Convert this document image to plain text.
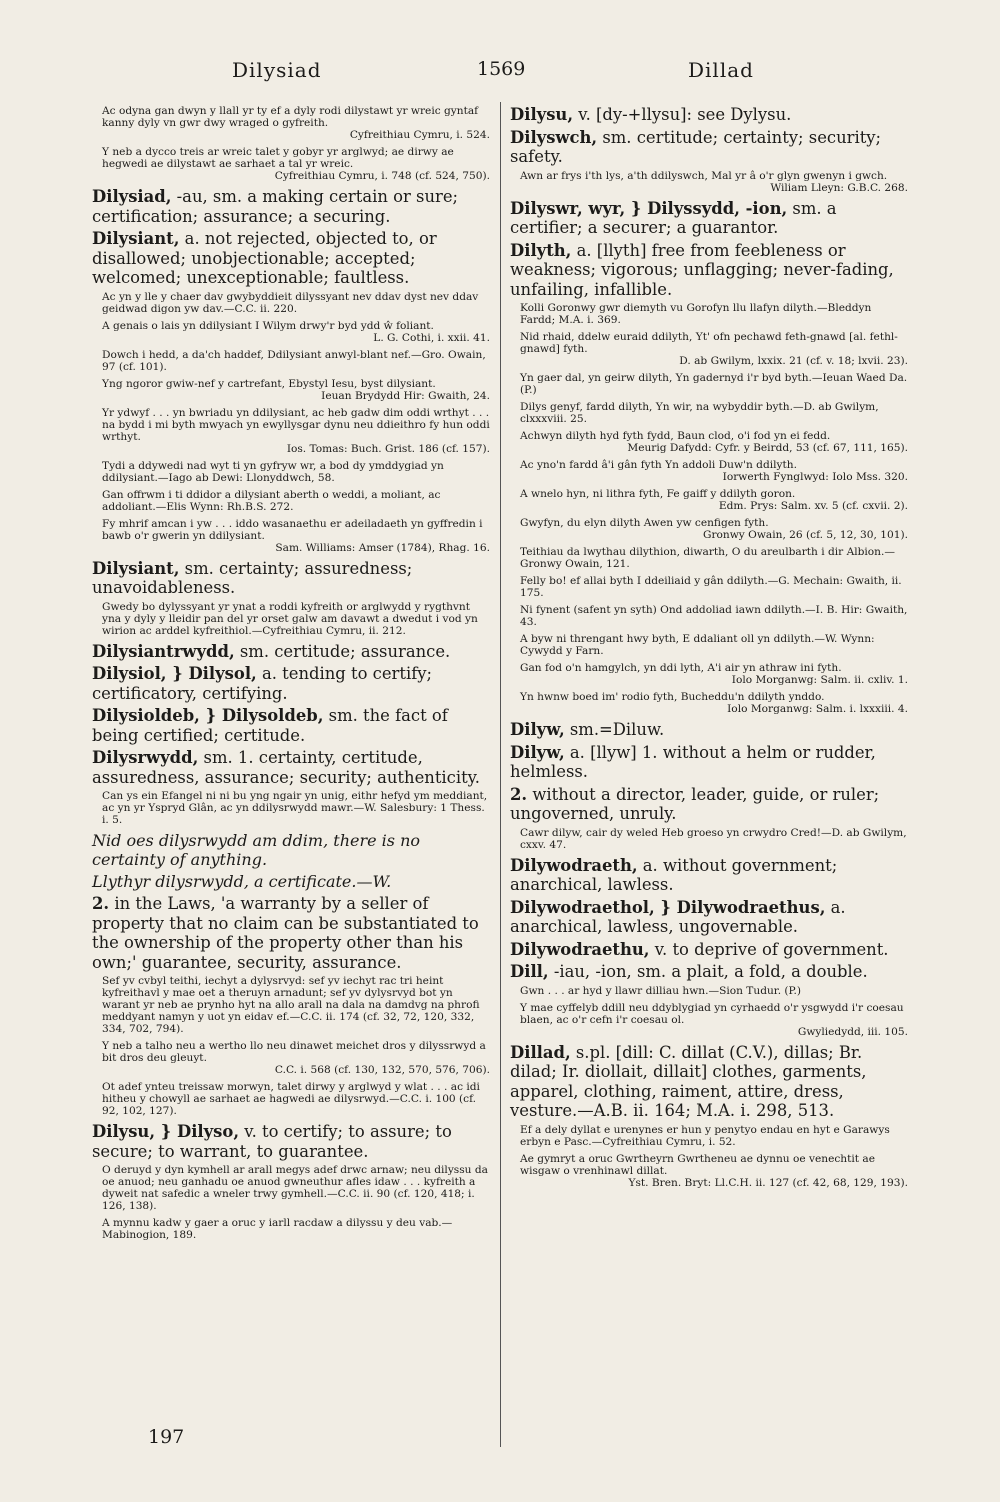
Dilysiad	1569	Dillad
Ac odyna gan dwyn y llall yr ty ef a dyly rodi dilystawt yr wreic gyntaf kanny dyly vn gwr dwy wraged o gyfreith.
Cyfreithiau Cymru, i. 524.
Y neb a dycco treis ar wreic talet y gobyr yr arglwyd; ae dirwy ae hegwedi ae dilystawt ae sarhaet a tal yr wreic.
Cyfreithiau Cymru, i. 748 (cf. 524, 750).
Dilysiad, -au, sm. a making certain or sure; certification; assurance; a securing.
Dilysiant, a. not rejected, objected to, or disallowed; unobjectionable; accepted; welcomed; unexceptionable; faultless.
Ac yn y lle y chaer dav gwybyddieit dilyssyant nev ddav dyst nev ddav geidwad digon yw dav.—C.C. ii. 220.
A genais o lais yn ddilysiant I Wilym drwy'r byd ydd ŵ foliant.
L. G. Cothi, i. xxii. 41.
Dowch i hedd, a da'ch haddef, Ddilysiant anwyl-blant nef.—Gro. Owain, 97 (cf. 101).
Yng ngoror gwiw-nef y cartrefant, Ebystyl Iesu, byst dilysiant.
Ieuan Brydydd Hir: Gwaith, 24.
Yr ydwyf . . . yn bwriadu yn ddilysiant, ac heb gadw dim oddi wrthyt . . . na bydd i mi byth mwyach yn ewyllysgar dynu neu ddieithro fy hun oddi wrthyt.
Ios. Tomas: Buch. Grist. 186 (cf. 157).
Tydi a ddywedi nad wyt ti yn gyfryw wr, a bod dy ymddygiad yn ddilysiant.—Iago ab Dewi: Llonyddwch, 58.
Gan offrwm i ti ddidor a dilysiant aberth o weddi, a moliant, ac addoliant.—Elis Wynn: Rh.B.S. 272.
Fy mhrif amcan i yw . . . iddo wasanaethu er adeiladaeth yn gyffredin i bawb o'r gwerin yn ddilysiant.
Sam. Williams: Amser (1784), Rhag. 16.
Dilysiant, sm. certainty; assuredness; unavoidableness.
Gwedy bo dylyssyant yr ynat a roddi kyfreith or arglwydd y rygthvnt yna y dyly y lleidir pan del yr orset galw am davawt a dwedut i vod yn wirion ac arddel kyfreithiol.—Cyfreithiau Cymru, ii. 212.
Dilysiantrwydd, sm. certitude; assurance.
Dilysiol, } Dilysol, a. tending to certify; certificatory, certifying.
Dilysioldeb, } Dilysoldeb, sm. the fact of being certified; certitude.
Dilysrwydd, sm. 1. certainty, certitude, assuredness, assurance; security; authenticity.
Can ys ein Efangel ni ni bu yng ngair yn unig, eithr hefyd ym meddiant, ac yn yr Yspryd Glân, ac yn ddilysrwydd mawr.—W. Salesbury: 1 Thess. i. 5.
Nid oes dilysrwydd am ddim, there is no certainty of anything.
Llythyr dilysrwydd, a certificate.—W.
2. in the Laws, 'a warranty by a seller of property that no claim can be substantiated to the ownership of the property other than his own;' guarantee, security, assurance.
Sef yv cvbyl teithi, iechyt a dylysrvyd: sef yv iechyt rac tri heint kyfreithavl y mae oet a theruyn arnadunt; sef yv dylysrvyd bot yn warant yr neb ae prynho hyt na allo arall na dala na damdvg na phrofi meddyant namyn y uot yn eidav ef.—C.C. ii. 174 (cf. 32, 72, 120, 332, 334, 702, 794).
Y neb a talho neu a wertho llo neu dinawet meichet dros y dilyssrwyd a bit dros deu gleuyt.
C.C. i. 568 (cf. 130, 132, 570, 576, 706).
Ot adef ynteu treissaw morwyn, talet dirwy y arglwyd y wlat . . . ac idi hitheu y chowyll ae sarhaet ae hagwedi ae dilysrwyd.—C.C. i. 100 (cf. 92, 102, 127).
Dilysu, } Dilyso, v. to certify; to assure; to secure; to warrant, to guarantee.
O deruyd y dyn kymhell ar arall megys adef drwc arnaw; neu dilyssu da oe anuod; neu ganhadu oe anuod gwneuthur afles idaw . . . kyfreith a dyweit nat safedic a wneler trwy gymhell.—C.C. ii. 90 (cf. 120, 418; i. 126, 138).
A mynnu kadw y gaer a oruc y iarll racdaw a dilyssu y deu vab.—Mabinogion, 189.
Dilysu, v. [dy-+llysu]: see Dylysu.
Dilyswch, sm. certitude; certainty; security; safety.
Awn ar frys i'th lys, a'th ddilyswch, Mal yr â o'r glyn gwenyn i gwch.
Wiliam Lleyn: G.B.C. 268.
Dilyswr, wyr, } Dilyssydd, -ion, sm. a certifier; a securer; a guarantor.
Dilyth, a. [llyth] free from feebleness or weakness; vigorous; unflagging; never-fading, unfailing, infallible.
Kolli Goronwy gwr diemyth vu Gorofyn llu llafyn dilyth.—Bleddyn Fardd; M.A. i. 369.
Nid rhaid, ddelw euraid ddilyth, Yt' ofn pechawd feth-gnawd [al. fethl-gnawd] fyth.
D. ab Gwilym, lxxix. 21 (cf. v. 18; lxvii. 23).
Yn gaer dal, yn geirw dilyth, Yn gadernyd i'r byd byth.—Ieuan Waed Da. (P.)
Dilys genyf, fardd dilyth, Yn wir, na wybyddir byth.—D. ab Gwilym, clxxxviii. 25.
Achwyn dilyth hyd fyth fydd, Baun clod, o'i fod yn ei fedd.
Meurig Dafydd: Cyfr. y Beirdd, 53 (cf. 67, 111, 165).
Ac yno'n fardd â'i gân fyth Yn addoli Duw'n ddilyth.
Iorwerth Fynglwyd: Iolo Mss. 320.
A wnelo hyn, ni lithra fyth, Fe gaiff y ddilyth goron.
Edm. Prys: Salm. xv. 5 (cf. cxvii. 2).
Gwyfyn, du elyn dilyth Awen yw cenfigen fyth.
Gronwy Owain, 26 (cf. 5, 12, 30, 101).
Teithiau da lwythau dilythion, diwarth, O du areulbarth i dir Albion.—Gronwy Owain, 121.
Felly bo! ef allai byth I ddeiliaid y gân ddilyth.—G. Mechain: Gwaith, ii. 175.
Ni fynent (safent yn syth) Ond addoliad iawn ddilyth.—I. B. Hir: Gwaith, 43.
A byw ni threngant hwy byth, E ddaliant oll yn ddilyth.—W. Wynn: Cywydd y Farn.
Gan fod o'n hamgylch, yn ddi lyth, A'i air yn athraw ini fyth.
Iolo Morganwg: Salm. ii. cxliv. 1.
Yn hwnw boed im' rodio fyth, Bucheddu'n ddilyth ynddo.
Iolo Morganwg: Salm. i. lxxxiii. 4.
Dilyw, sm.=Diluw.
Dilyw, a. [llyw] 1. without a helm or rudder, helmless.
2. without a director, leader, guide, or ruler; ungoverned, unruly.
Cawr dilyw, cair dy weled Heb groeso yn crwydro Cred!—D. ab Gwilym, cxxv. 47.
Dilywodraeth, a. without government; anarchical, lawless.
Dilywodraethol, } Dilywodraethus, a. anarchical, lawless, ungovernable.
Dilywodraethu, v. to deprive of government.
Dill, -iau, -ion, sm. a plait, a fold, a double.
Gwn . . . ar hyd y llawr dilliau hwn.—Sion Tudur. (P.)
Y mae cyffelyb ddill neu ddyblygiad yn cyrhaedd o'r ysgwydd i'r coesau blaen, ac o'r cefn i'r coesau ol.
Gwyliedydd, iii. 105.
Dillad, s.pl. [dill: C. dillat (C.V.), dillas; Br. dilad; Ir. diollait, dillait] clothes, garments, apparel, clothing, raiment, attire, dress, vesture.—A.B. ii. 164; M.A. i. 298, 513.
Ef a dely dyllat e urenynes er hun y penytyo endau en hyt e Garawys erbyn e Pasc.—Cyfreithiau Cymru, i. 52.
Ae gymryt a oruc Gwrtheyrn Gwrtheneu ae dynnu oe venechtit ae wisgaw o vrenhinawl dillat.
Yst. Bren. Bryt: Ll.C.H. ii. 127 (cf. 42, 68, 129, 193).
197
